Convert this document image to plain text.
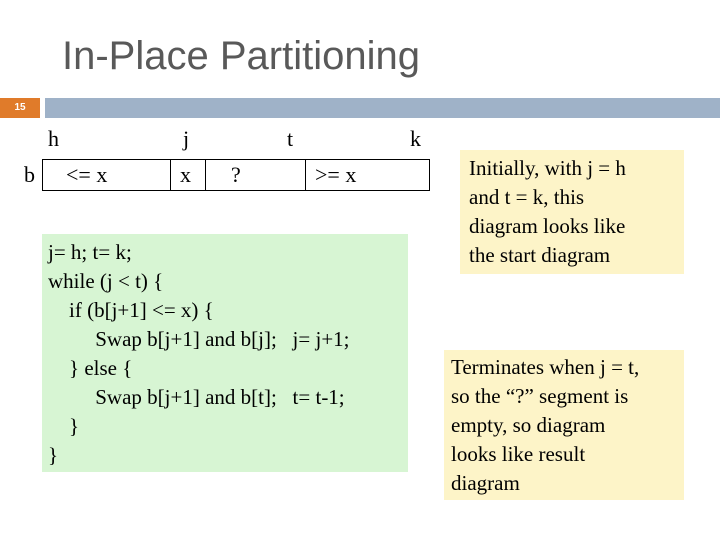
In-Place Partitioning
15
h	j	t	k
b <= x	x ?	>= x
j= h; t= k;
while (j < t) {
if (b[j+1] <= x) {
Swap b[j+1] and b[j];   j= j+1;
} else {
Swap b[j+1] and b[t];   t= t-1;
}
}
Initially, with j = h
and t = k, this
diagram looks like
the start diagram
Terminates when j = t,
so the “?” segment is
empty, so diagram
looks like result
diagram
